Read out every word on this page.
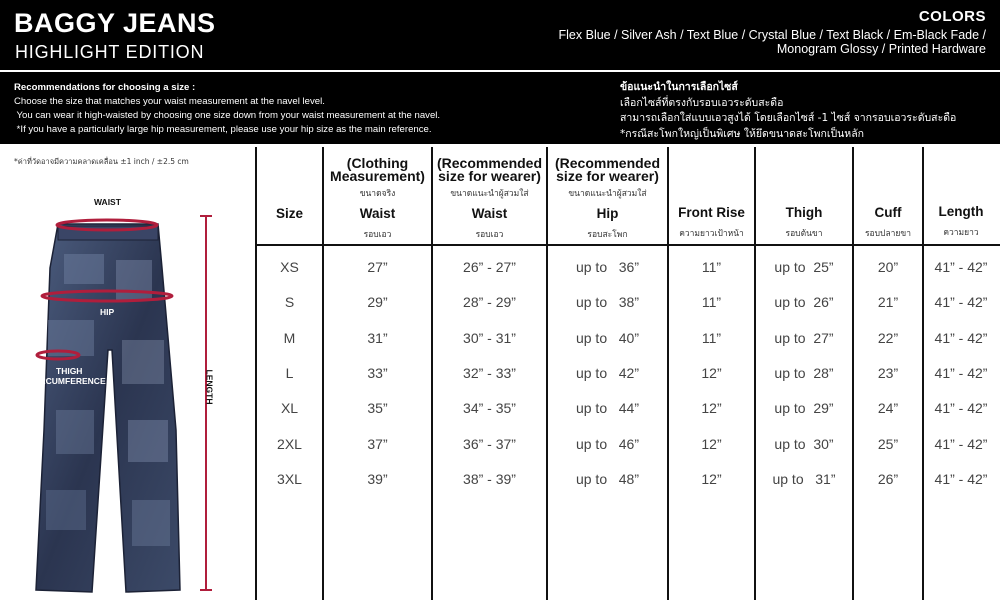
BAGGY JEANS
HIGHLIGHT EDITION
COLORS
Flex Blue / Silver Ash / Text Blue / Crystal Blue / Text Black / Em-Black Fade / Monogram Glossy / Printed Hardware
Recommendations for choosing a size :
Choose the size that matches your waist measurement at the navel level.
You can wear it high-waisted by choosing one size down from your waist measurement at the navel.
*If you have a particularly large hip measurement, please use your hip size as the main reference.
ข้อแนะนำในการเลือกไซส์
เลือกไซส์ที่ตรงกับรอบเอวระดับสะดือ
สามารถเลือกใส่แบบเอวสูงได้ โดยเลือกไซส์ -1 ไซส์ จากรอบเอวระดับสะดือ
*กรณีสะโพกใหญ่เป็นพิเศษ ให้ยึดขนาดสะโพกเป็นหลัก
*ค่าที่วัดอาจมีความคลาดเคลื่อน ±1 inch / ±2.5 cm
WAIST
HIP
THIGH
CIRCUMFERENCE	LENGTH
Size
(Clothing Measurement)
ขนาดจริง
Waist
รอบเอว
(Recommended size for wearer)
ขนาดแนะนำผู้สวมใส่
Waist
รอบเอว
(Recommended size for wearer)
ขนาดแนะนำผู้สวมใส่
Hip
รอบสะโพก
Front Rise
ความยาวเป้าหน้า
Thigh
รอบต้นขา
Cuff
รอบปลายขา
Length
ความยาว
XS	27”	26” - 27”	up to   36”	11”	up to  25”	20”	41” - 42”
S	29”	28” - 29”	up to   38”	11”	up to  26”	21”	41” - 42”
M	31”	30” - 31”	up to   40”	11”	up to  27”	22”	41” - 42”
L	33”	32” - 33”	up to   42”	12”	up to  28”	23”	41” - 42”
XL	35”	34” - 35”	up to   44”	12”	up to  29”	24”	41” - 42”
2XL	37”	36” - 37”	up to   46”	12”	up to  30”	25”	41” - 42”
3XL	39”	38” - 39”	up to   48”	12”	up to   31”	26”	41” - 42”
